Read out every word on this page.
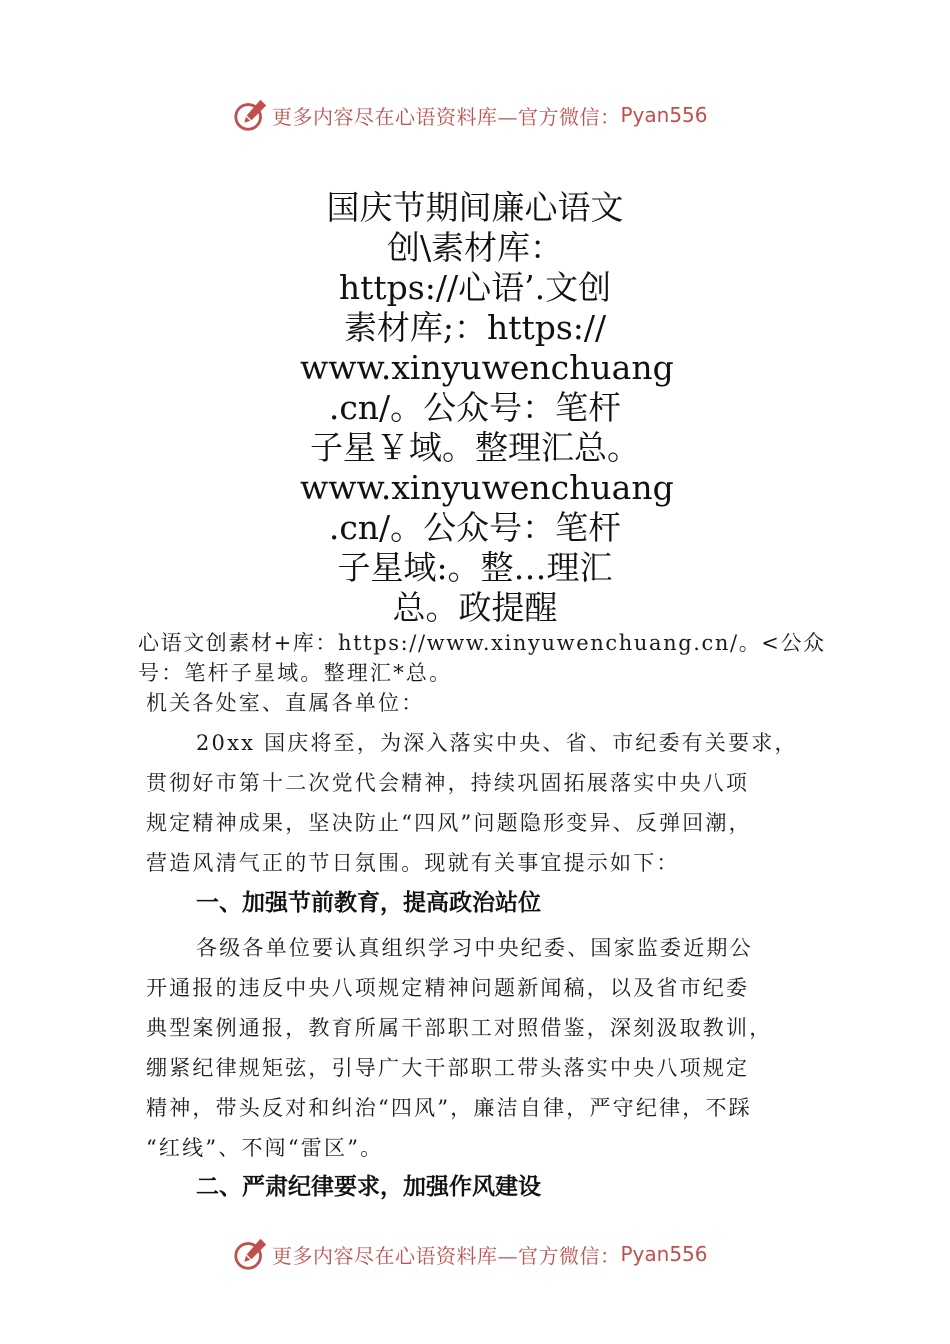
更多内容尽在心语资料库—官方微信： Pyan556
国庆节期间廉心语文
创\素材库：
https://心语’.文创
素材库;：https://
www.xinyuwenchuang
.cn/。公众号：笔杆
子星￥域。整理汇总。
www.xinyuwenchuang
.cn/。公众号：笔杆
子星域:。整…理汇
总。政提醒
心语文创素材+库：https://www.xinyuwenchuang.cn/。<公众
号：笔杆子星域。整理汇*总。
机关各处室、直属各单位：
20xx 国庆将至，为深入落实中央、省、市纪委有关要求，
贯彻好市第十二次党代会精神，持续巩固拓展落实中央八项
规定精神成果，坚决防止“四风”问题隐形变异、反弹回潮，
营造风清气正的节日氛围。现就有关事宜提示如下：
一、加强节前教育，提高政治站位
各级各单位要认真组织学习中央纪委、国家监委近期公
开通报的违反中央八项规定精神问题新闻稿，以及省市纪委
典型案例通报，教育所属干部职工对照借鉴，深刻汲取教训，
绷紧纪律规矩弦，引导广大干部职工带头落实中央八项规定
精神，带头反对和纠治“四风”，廉洁自律，严守纪律，不踩
“红线”、不闯“雷区”。
二、严肃纪律要求，加强作风建设
更多内容尽在心语资料库—官方微信： Pyan556
